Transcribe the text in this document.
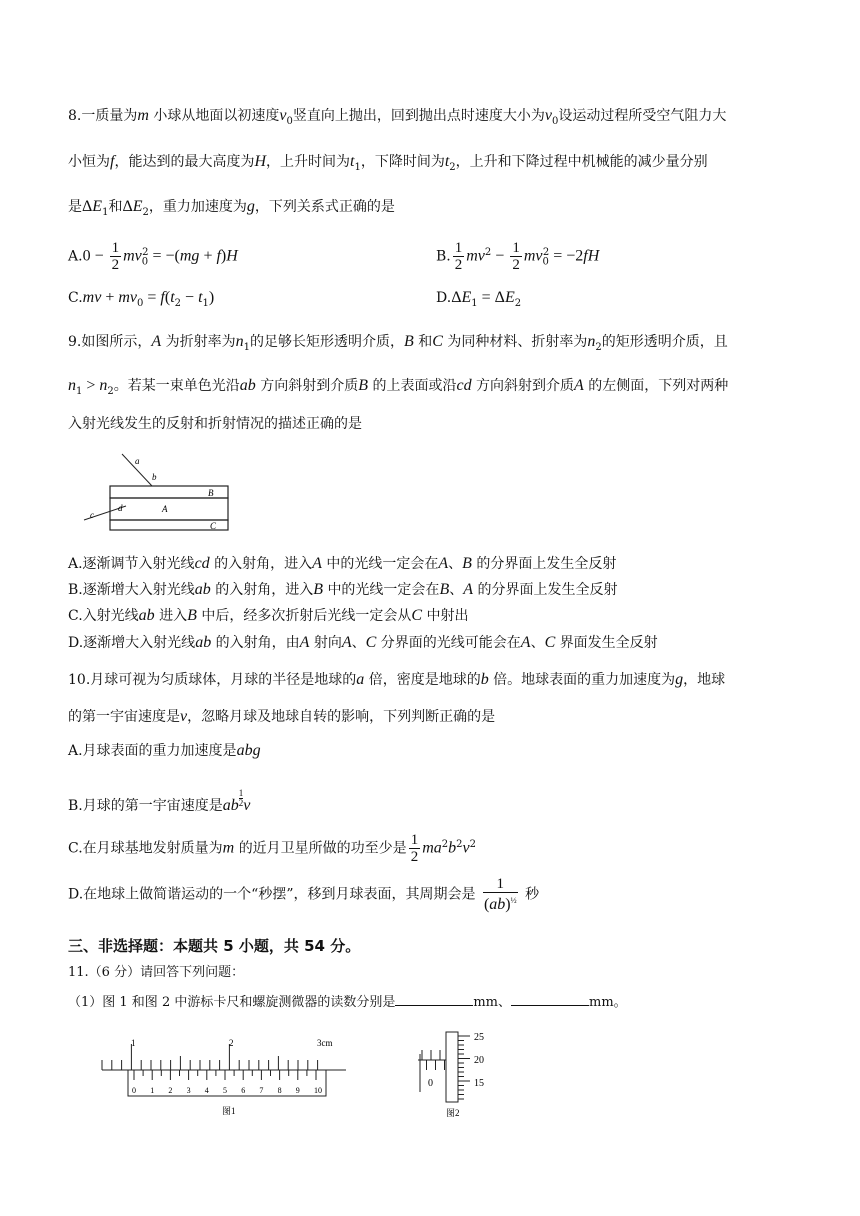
8.一质量为m 小球从地面以初速度$v_0$竖直向上抛出，回到抛出点时速度大小为$v_0$设运动过程所受空气阻力大
小恒为f，能达到的最大高度为H，上升时间为$t_1$，下降时间为$t_2$，上升和下降过程中机械能的减少量分别
是$\Delta E_1$和$\Delta E_2$，重力加速度为g，下列关系式正确的是
$A.0 - \frac{1}{2} mv_0^2 = -(mg + f)H$	B. $\frac{1}{2} mv^2 - \frac{1}{2} mv_0^2 = -2fH$
$C.mv + mv_0 = f(t_2 - t_1)$	$D.\Delta E_1 = \Delta E_2$
9.如图所示，A 为折射率为$n_1$的足够长矩形透明介质，B 和C 为同种材料、折射率为$n_2$的矩形透明介质，且
$n_1 > n_2$。若某一束单色光沿ab 方向斜射到介质B 的上表面或沿cd 方向斜射到介质A 的左侧面，下列对两种
入射光线发生的反射和折射情况的描述正确的是
a
b
c
d
B
A
C
A.逐渐调节入射光线cd 的入射角，进入A 中的光线一定会在A、B 的分界面上发生全反射
B.逐渐增大入射光线ab 的入射角，进入B 中的光线一定会在B、A 的分界面上发生全反射
C.入射光线ab 进入B 中后，经多次折射后光线一定会从C 中射出
D.逐渐增大入射光线ab 的入射角，由A 射向A、C 分界面的光线可能会在A、C 界面发生全反射
10.月球可视为匀质球体，月球的半径是地球的a 倍，密度是地球的b 倍。地球表面的重力加速度为g，地球
的第一宇宙速度是v，忽略月球及地球自转的影响，下列判断正确的是
A.月球表面的重力加速度是abg
B.月球的第一宇宙速度是ab $\frac{1}{2}$ v
C.在月球基地发射质量为m 的近月卫星所做的功至少是 $\frac{1}{2} ma^2b^2v^2$
D.在地球上做简谐运动的一个“秒摆”，移到月球表面，其周期会是 $\frac{1}{(ab)^{\frac{1}{2}}}$ 秒
三、非选择题：本题共 5 小题，共 54 分。
11.（6 分）请回答下列问题：
（1）图 1 和图 2 中游标卡尺和螺旋测微器的读数分别是	mm、	mm。
1	2	3cm
0 1 2 3 4 5 6 7 8 9 10
图1
25
20
15
0
图2
